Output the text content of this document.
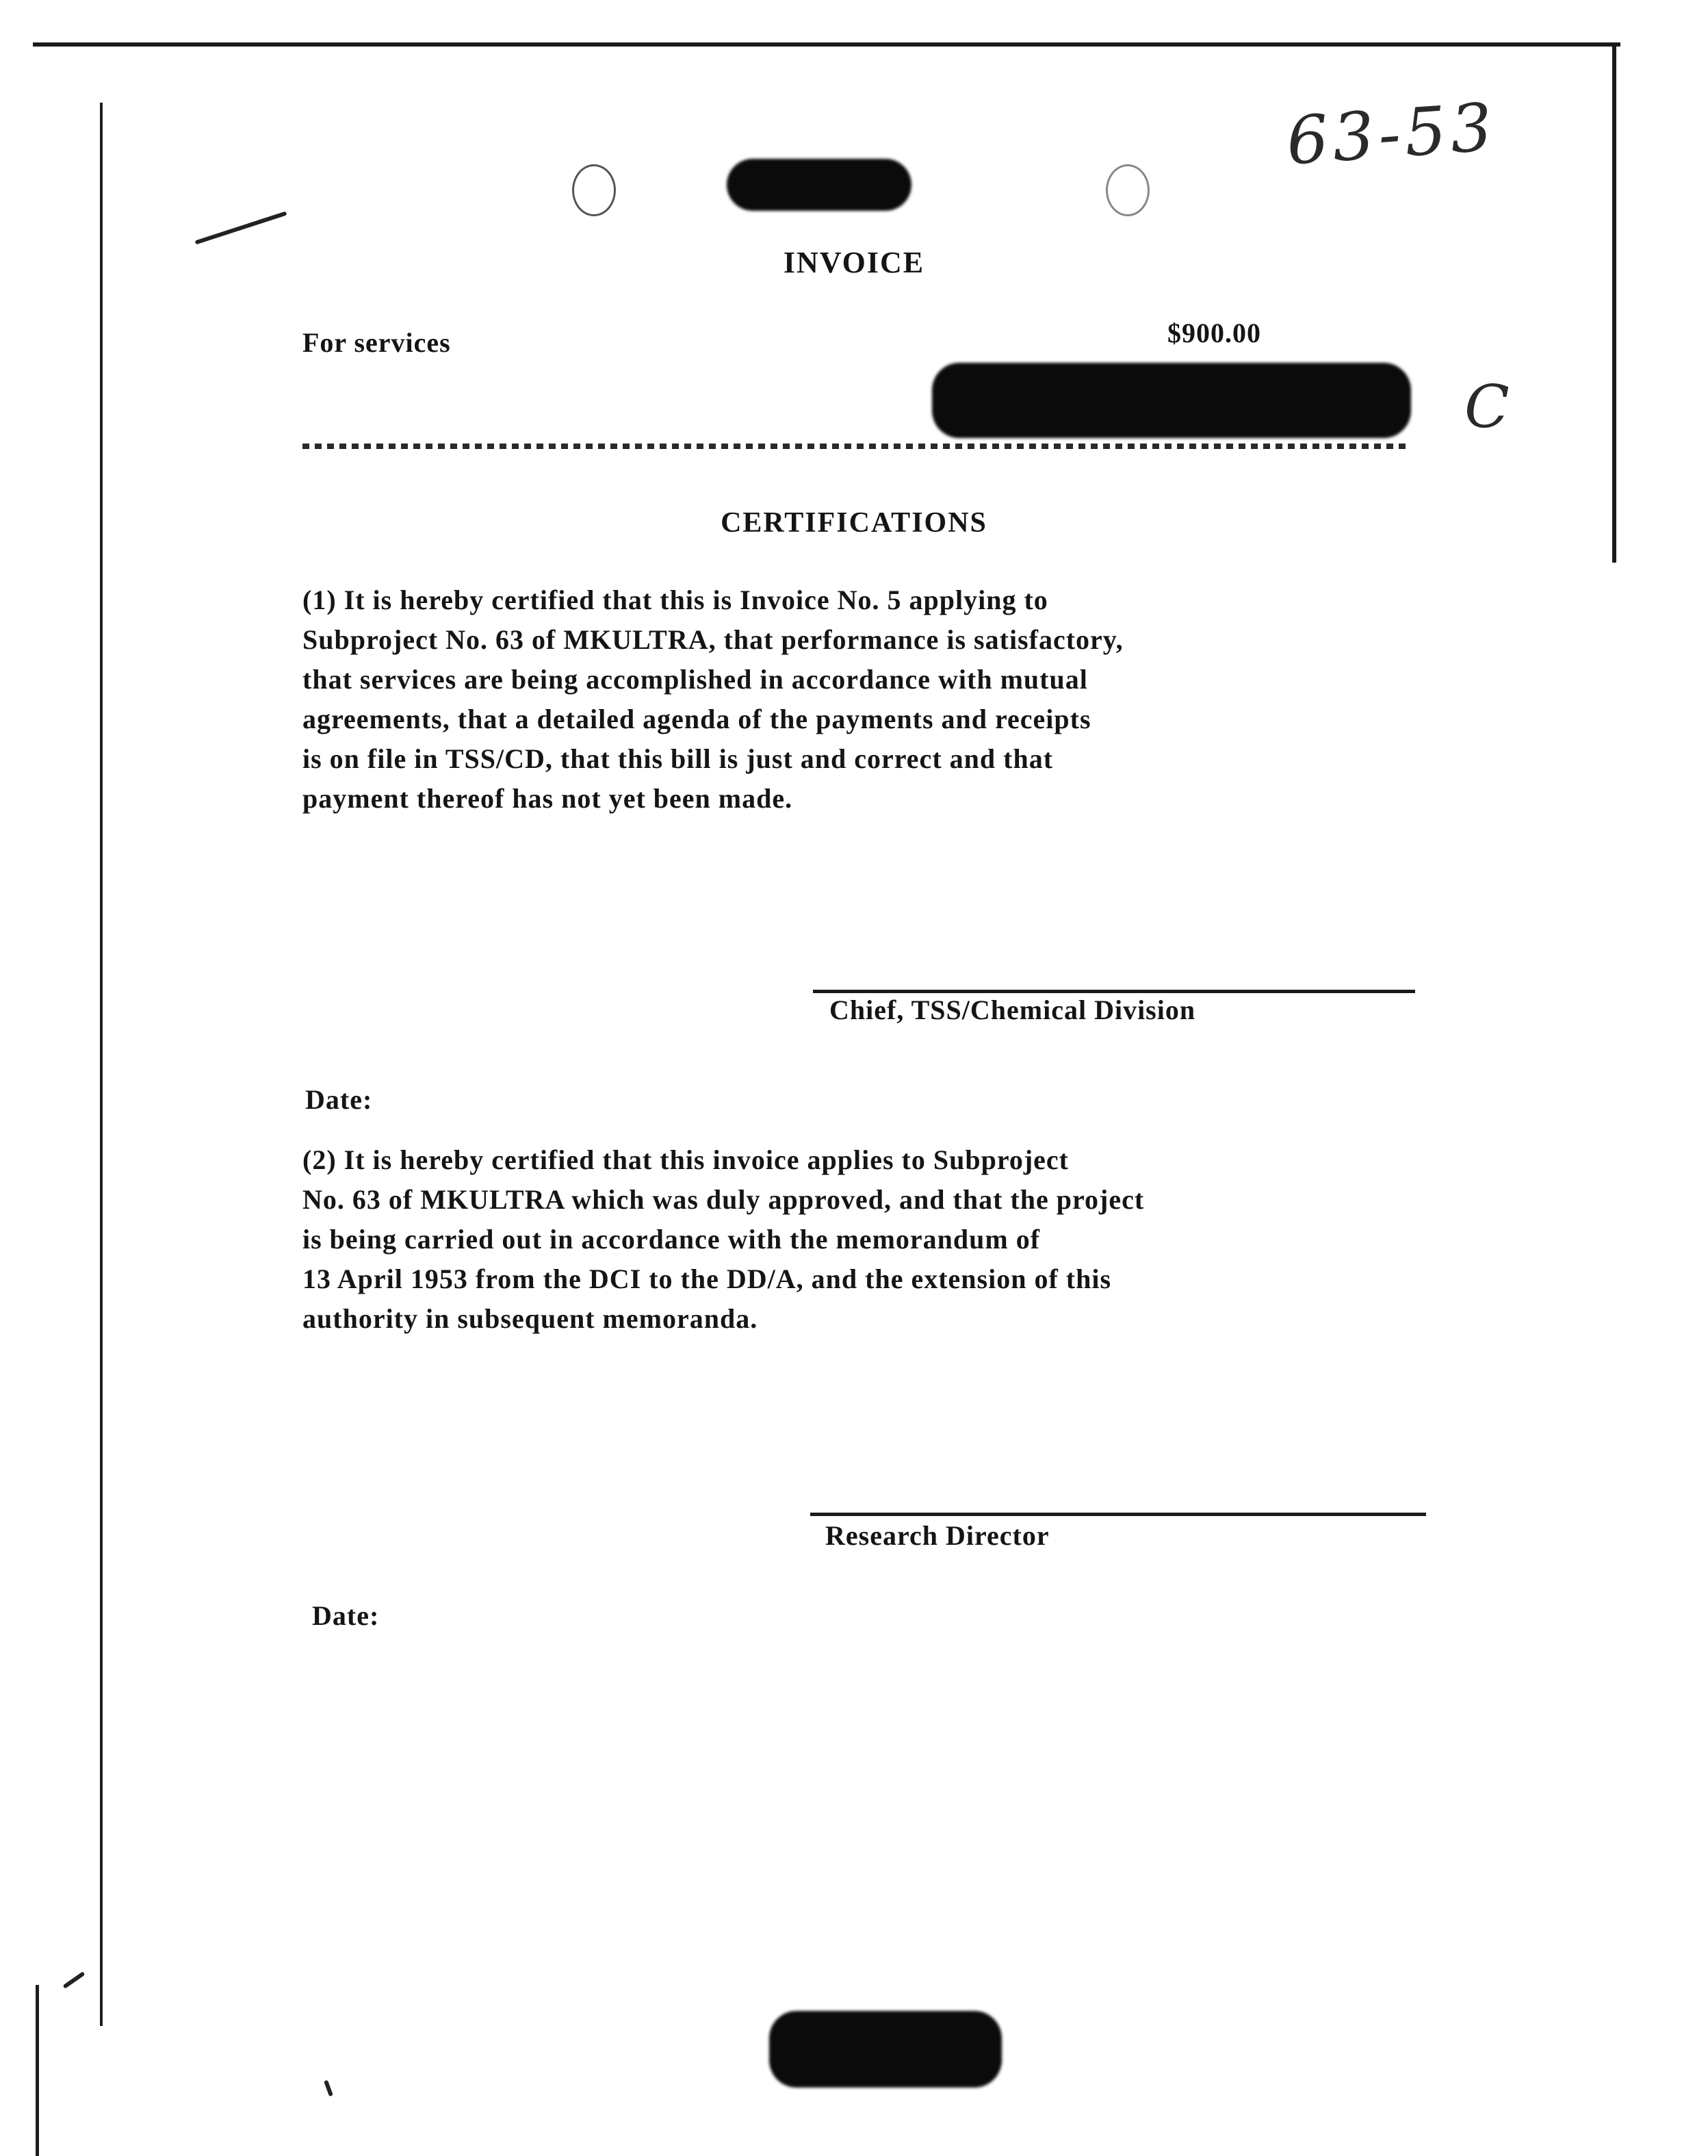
63-53
C
INVOICE
For services	$900.00
CERTIFICATIONS
(1) It is hereby certified that this is Invoice No. 5 applying to
Subproject No. 63 of MKULTRA, that performance is satisfactory,
that services are being accomplished in accordance with mutual
agreements, that a detailed agenda of the payments and receipts
is on file in TSS/CD, that this bill is just and correct and that
payment thereof has not yet been made.
Chief, TSS/Chemical Division
Date:
(2) It is hereby certified that this invoice applies to Subproject
No. 63 of MKULTRA which was duly approved, and that the project
is being carried out in accordance with the memorandum of
13 April 1953 from the DCI to the DD/A, and the extension of this
authority in subsequent memoranda.
Research Director
Date:
